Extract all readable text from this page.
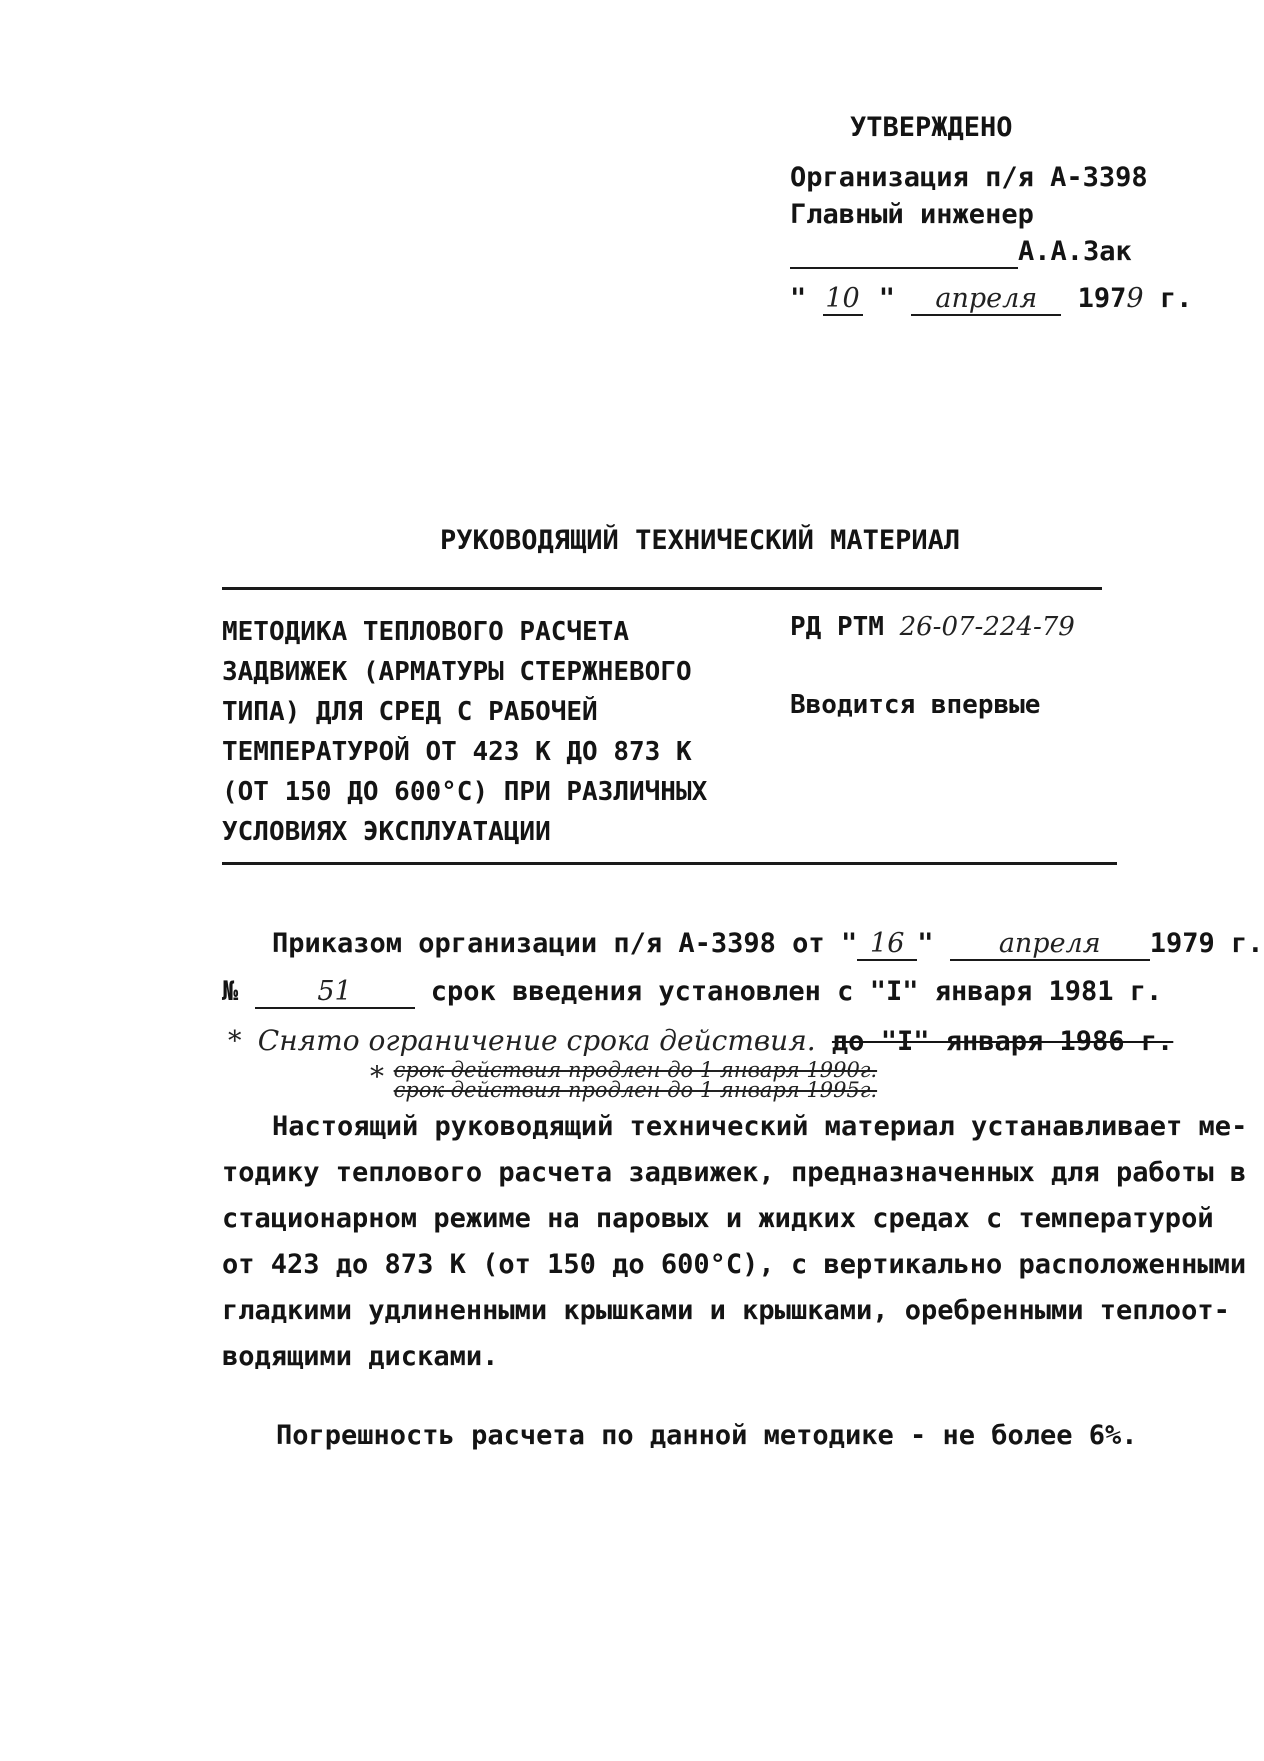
УТВЕРЖДЕНО
Организация п/я А-3398
Главный инженер
А.А.Зак
" 10 " апреля 1979 г.
РУКОВОДЯЩИЙ ТЕХНИЧЕСКИЙ МАТЕРИАЛ
МЕТОДИКА ТЕПЛОВОГО РАСЧЕТА
ЗАДВИЖЕК (АРМАТУРЫ СТЕРЖНЕВОГО
ТИПА) ДЛЯ СРЕД С РАБОЧЕЙ
ТЕМПЕРАТУРОЙ ОТ 423 К ДО 873 К
(ОТ 150 ДО 600°С) ПРИ РАЗЛИЧНЫХ
УСЛОВИЯХ ЭКСПЛУАТАЦИИ
РД РТМ 26-07-224-79
Вводится впервые
Приказом организации п/я А-3398 от " 16 " апреля 1979 г.
№	51	срок введения установлен с "I" января 1981 г.
* Снято ограничение срока действия. до "I" января 1986 г.
* срок действия продлен до 1 января 1990г.
срок действия продлен до 1 января 1995г.
Настоящий руководящий технический материал устанавливает ме-
тодику теплового расчета задвижек, предназначенных для работы в
стационарном режиме на паровых и жидких средах с температурой
от 423 до 873 К (от 150 до 600°С), с вертикально расположенными
гладкими удлиненными крышками и крышками, оребренными теплоот-
водящими дисками.
Погрешность расчета по данной методике - не более 6%.
